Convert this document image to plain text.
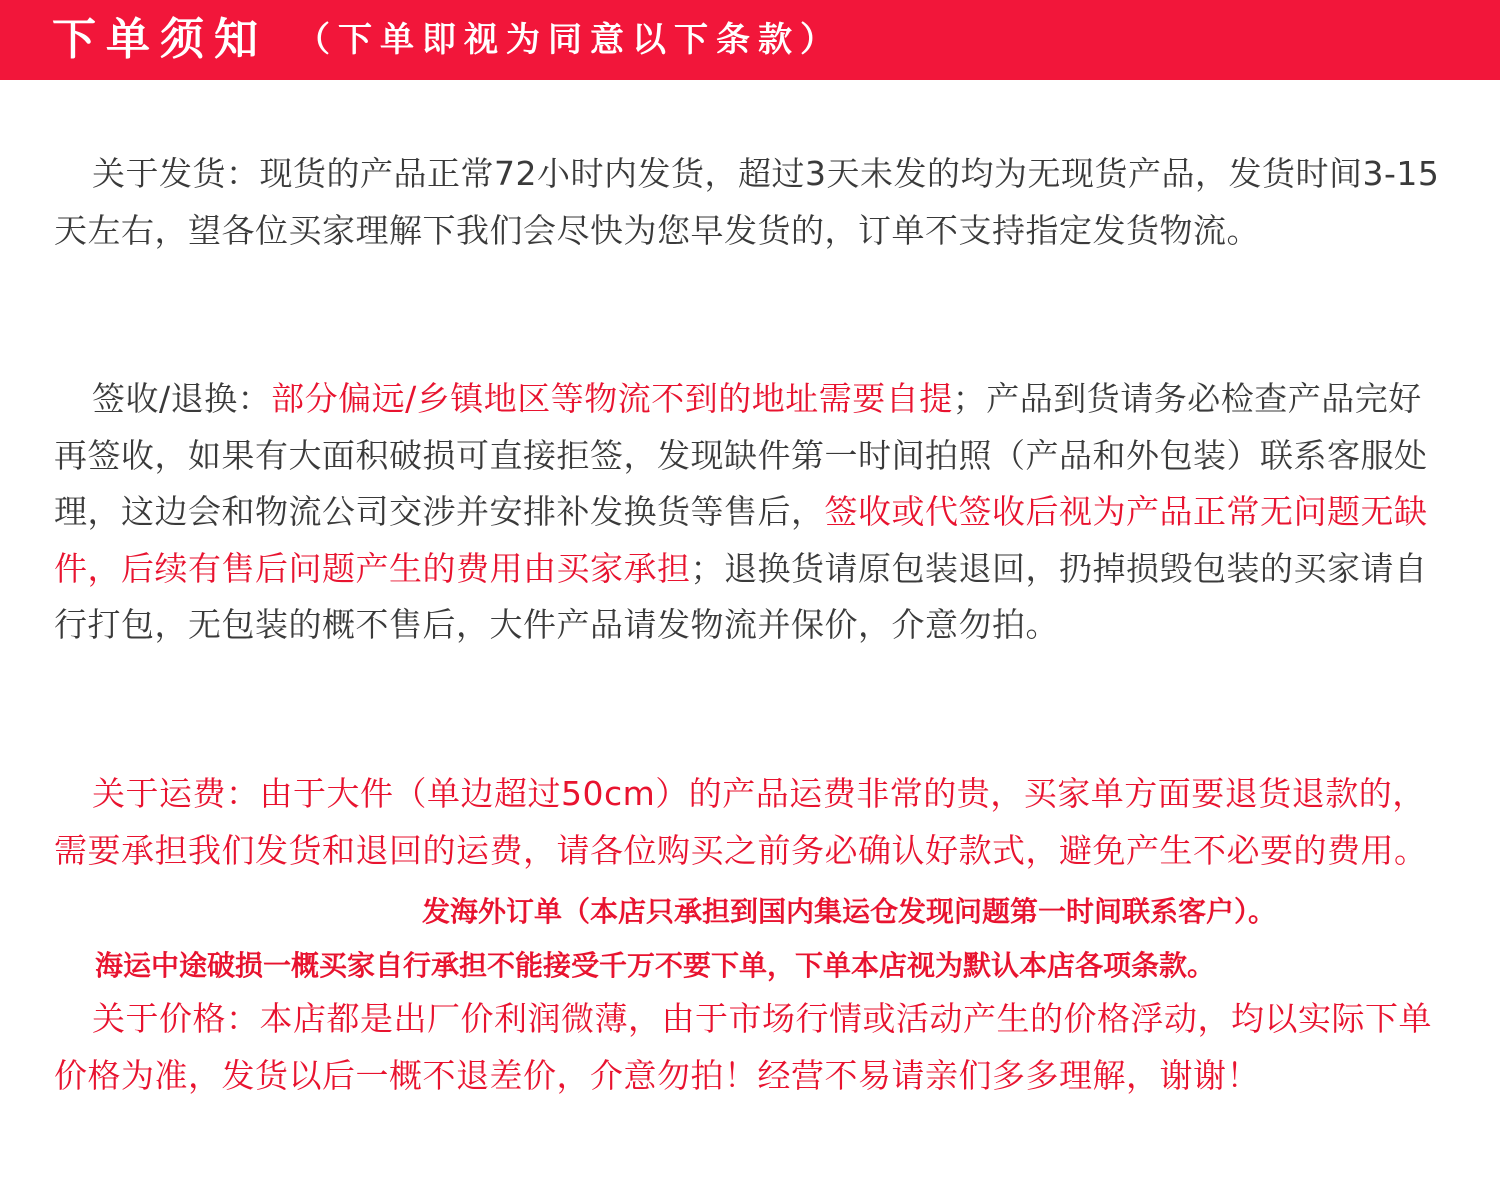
下单须知 （下单即视为同意以下条款）

关于发货：现货的产品正常72小时内发货，超过3天未发的均为无现货产品，发货时间3-15天左右，望各位买家理解下我们会尽快为您早发货的，订单不支持指定发货物流。

签收/退换：部分偏远/乡镇地区等物流不到的地址需要自提；产品到货请务必检查产品完好再签收，如果有大面积破损可直接拒签，发现缺件第一时间拍照（产品和外包装）联系客服处理，这边会和物流公司交涉并安排补发换货等售后，签收或代签收后视为产品正常无问题无缺件，后续有售后问题产生的费用由买家承担；退换货请原包装退回，扔掉损毁包装的买家请自行打包，无包装的概不售后，大件产品请发物流并保价，介意勿拍。

关于运费：由于大件（单边超过50cm）的产品运费非常的贵，买家单方面要退货退款的，需要承担我们发货和退回的运费，请各位购买之前务必确认好款式，避免产生不必要的费用。

发海外订单（本店只承担到国内集运仓发现问题第一时间联系客户）。

海运中途破损一概买家自行承担不能接受千万不要下单，下单本店视为默认本店各项条款。

关于价格：本店都是出厂价利润微薄，由于市场行情或活动产生的价格浮动，均以实际下单价格为准，发货以后一概不退差价，介意勿拍！经营不易请亲们多多理解，谢谢！
